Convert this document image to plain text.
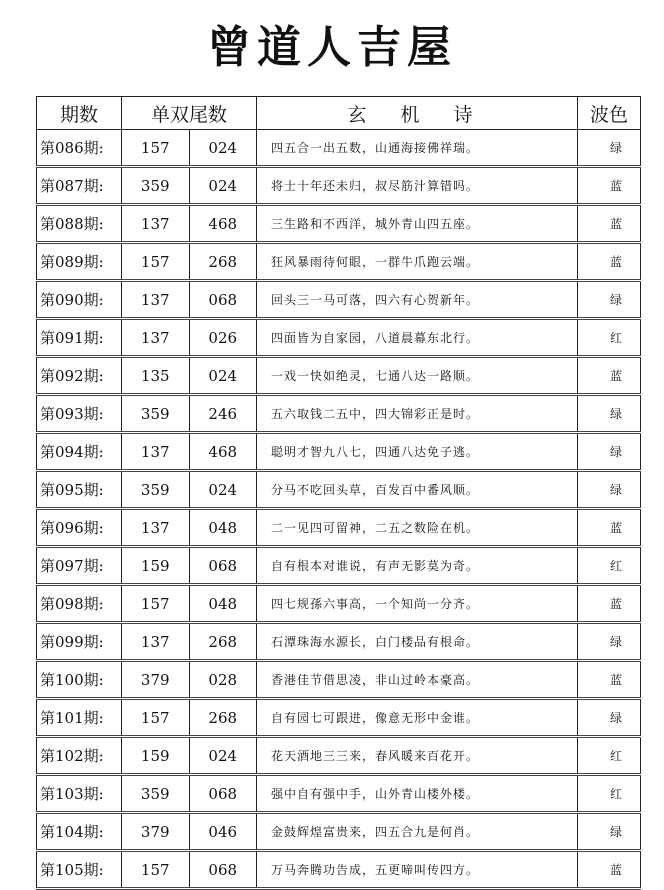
曾道人吉屋
期数	单双尾数		玄 机 诗	波色
第086期:	157	024	四五合一出五数，山通海接佛祥瑞。	绿
第087期:	359	024	将士十年还未归，叔尽筋汁算错吗。	蓝
第088期:	137	468	三生路和不西洋，城外青山四五座。	蓝
第089期:	157	268	狂风暴雨待何眼，一群牛爪跑云端。	蓝
第090期:	137	068	回头三一马可落，四六有心贺新年。	绿
第091期:	137	026	四面皆为自家园，八道晨幕东北行。	红
第092期:	135	024	一戏一快如绝灵，七通八达一路顺。	蓝
第093期:	359	246	五六取钱二五中，四大锦彩正是时。	绿
第094期:	137	468	聪明才智九八七，四通八达免子逃。	绿
第095期:	359	024	分马不吃回头草，百发百中番风顺。	绿
第096期:	137	048	二一见四可留神，二五之数险在机。	蓝
第097期:	159	068	自有根本对谁说，有声无影莫为奇。	红
第098期:	157	048	四七规孫六事高，一个知尚一分齐。	蓝
第099期:	137	268	石潭珠海水源长，白门楼品有根命。	绿
第100期:	379	028	香港佳节借思凌，非山过岭本豪高。	蓝
第101期:	157	268	自有园七可跟进，像意无形中金谁。	绿
第102期:	159	024	花天酒地三三来，春风暖来百花开。	红
第103期:	359	068	强中自有强中手，山外青山楼外楼。	红
第104期:	379	046	金鼓辉煌富贵来，四五合九是何肖。	绿
第105期:	157	068	万马奔腾功告成，五更啼叫传四方。	蓝
